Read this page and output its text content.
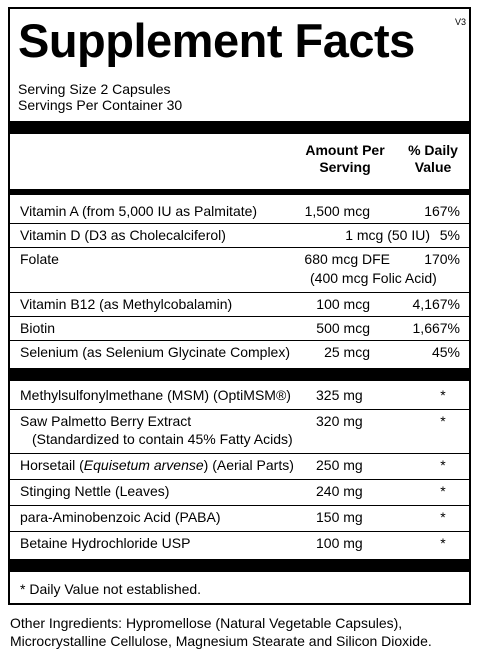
Supplement Facts	V3
Serving Size 2 Capsules
Servings Per Container 30
Amount Per Serving
% Daily Value
Vitamin A (from 5,000 IU as Palmitate)	1,500 mcg	167%
Vitamin D (D3 as Cholecalciferol)	1 mcg (50 IU) 5%
Folate	680 mcg DFE	170%
(400 mcg Folic Acid)
Vitamin B12 (as Methylcobalamin)	100 mcg	4,167%
Biotin	500 mcg	1,667%
Selenium (as Selenium Glycinate Complex)	25 mcg	45%
Methylsulfonylmethane (MSM) (OptiMSM®) 325 mg	*
Saw Palmetto Berry Extract
(Standardized to contain 45% Fatty Acids)
320 mg	*
Horsetail (Equisetum arvense) (Aerial Parts) 250 mg	*
Stinging Nettle (Leaves)	240 mg	*
para-Aminobenzoic Acid (PABA)	150 mg	*
Betaine Hydrochloride USP	100 mg	*
* Daily Value not established.
Other Ingredients: Hypromellose (Natural Vegetable Capsules),
Microcrystalline Cellulose, Magnesium Stearate and Silicon Dioxide.
